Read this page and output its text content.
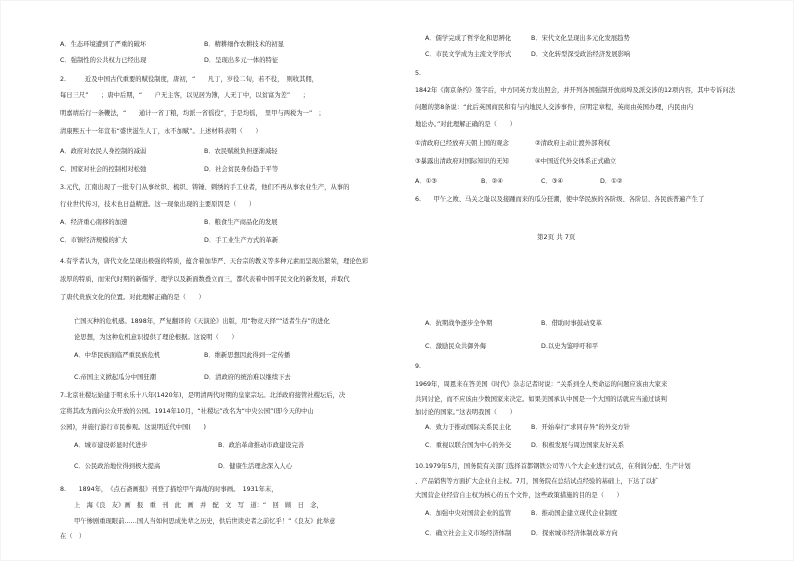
A．生态环境遭到了严重的破坏	B．精耕细作农耕技术的初显
C．强制性的公共权力已经出现	D．呈现出多元一体的特征
2.　　　近及中国古代重要的赋役制度，唐初，“　　凡丁，岁役二旬，若不役，　则收其佣，
每日三尺”　　；唐中后期，“　　户无主客，以见居为簿，人无丁中，以贫富为差”　　；
明嘉靖后行一条鞭法，“　　通计一省丁粮，均派一省徭役”，于是均徭，　里甲与两税为一”　；
清康熙五十一年宣布“盛世滋生人丁，永不加赋”。上述材料表明（　　）
A．政府对农民人身控制的减弱	B．农民赋税负担逐渐减轻
C．国家对社会的控制相对松弛	D．社会贫民身份趋于平等
3.元代，江南出现了一批专门从事丝织、梳织、铸锤、刺绣的手工业者，他们不再从事农业生产，从事的
行业世代传习，技术也日益精进。这一现象出现的主要原因是（　　）
A．经济重心南移的加速	B．粮食生产商品化的发展
C．市镇经济规模的扩大	D．手工业生产方式的革新
4.有学者认为，唐代文化呈现出极强的特质，蕴含着加华严、天台宗的教义等多种元素而呈现出繁荣，理论色彩
浓厚的特质，而宋代时期的新儒学、理学以及新面数叠立而三，都代表着中国平民文化的新发展，并取代
了唐代贵族文化的位置。对此理解正确的是（　　）
亡国灭种的危机感。1898年，严复翻译的《天演论》出版，用“物竞天择”“适者生存”的进化
论思想，为这种危机意识提供了理论根据。这说明（　　）
A．中华民族面临严重民族危机	B．维新思想因此得到一定传播
C.帝国主义掀起瓜分中国狂潮	D．清政府的统治难以继续下去
7.北京社稷坛始建于明永乐十八年(1420年)，是明清两代时期的皇家宗坛。北洋政府接管社稷坛后，决
定将其改为面向公众开放的公园。1914年10月，“社稷坛”改名为“中央公园”(即今天的中山
公园)，并施行游行市民参观。这说明近代中国(　　)
A．城市建设彰显时代进步	B．政治革命推动市政建设完善
C．公民政治地位得到极大提高	D．健康生活理念深入人心
8.　　1894年，　《点石斋画报》刊登了描绘甲午海战的时事画。　1931年末，
上　海《良　友》画　报　重　刊　此　画　并　配　文　写　道：“　回　顾　日　念，
甲午惨剧重现眼前……国人当如何思成先辈之历史，供后世读史者之前忆乎！”《良友》此举意
在（　）
A．儒学完成了哲学化和思辨化	B．宋代文化呈现出多元化发展趋势
C．市民文学成为主流文学形式	D．文化转型深受政治经济发展影响
5.
1842年《南京条约》签字后，中方同英方发出照会，并开列各国强制开放商埠及派交涉的12项内容，其中专诉问法
问题的第8条说：“此后英国商民和有与内地民人交涉事件，应明定章程，英商由英国办理，内民由内
地讼办。”对此理解正确的是（　　）
①清政府已经放弃天朝上国的观念	②清政府主动让渡外部利权
③暴露出清政府对国际知识的无知	④中国近代外交体系正式确立
A．①③	B．②④	C．③④	D．①②
6.　　甲午之败、马关之耻以及接踵而来的瓜分狂潮，使中华民族的各阶级、各阶层、各民族普遍产生了
第2页 共 7页
A．抗期战争逐步全争期	B．借助时事鼓动变革
C．激励民众共御外侮	D.以史为鉴呼吁和平
9.
1969年，周恩来在答美国《时代》杂志记者时说：“关系到全人类命运的问题应该由大家来
共同讨论，而不应该由少数国家来决定。如果美国承认中国是一个大国的话就应当通过谈判
加讨论的国家。”这表明我国（　　）
A．致力于推动国际关系民主化	B．开始奉行“求同存异”的外交方针
C．重视以联合国为中心的外交	D．积极发展与周边国家友好关系
10.1979年5月，国务院有关部门选择首都钢铁公司等八个大企业进行试点，在利润分配、生产计划
、产品销售等方面扩大企业自主权。7月，国务院在总结试点经验的基础上，下达了以扩
大国营企业经营自主权为核心的五个文件，这些政策措施的目的是（　　）
A．加强中央对国营企业的监管	B．推动国企建立现代企业制度
C．确立社会主义市场经济体制	D．探索城市经济体制改革方向
